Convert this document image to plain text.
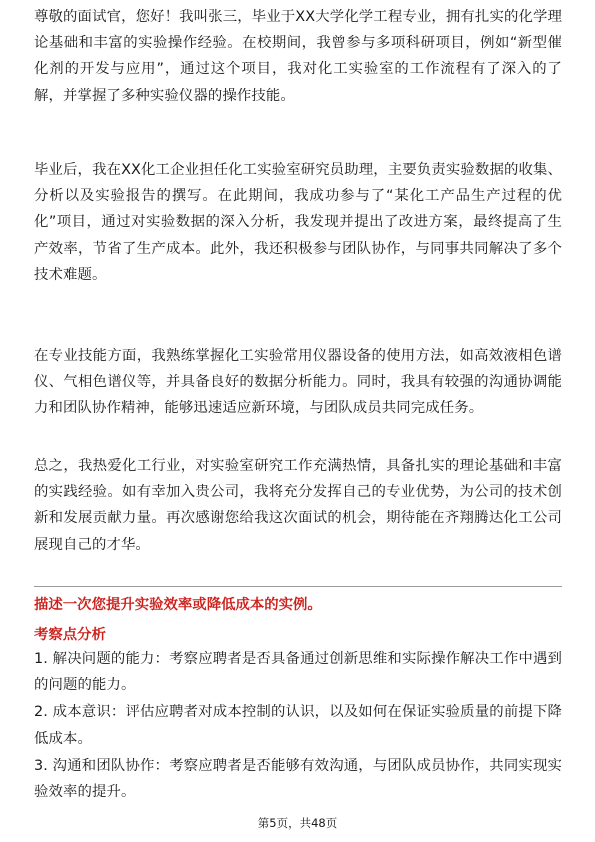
尊敬的面试官，您好！我叫张三，毕业于XX大学化学工程专业，拥有扎实的化学理论基础和丰富的实验操作经验。在校期间，我曾参与多项科研项目，例如“新型催化剂的开发与应用”，通过这个项目，我对化工实验室的工作流程有了深入的了解，并掌握了多种实验仪器的操作技能。

毕业后，我在XX化工企业担任化工实验室研究员助理，主要负责实验数据的收集、分析以及实验报告的撰写。在此期间，我成功参与了“某化工产品生产过程的优化”项目，通过对实验数据的深入分析，我发现并提出了改进方案，最终提高了生产效率，节省了生产成本。此外，我还积极参与团队协作，与同事共同解决了多个技术难题。

在专业技能方面，我熟练掌握化工实验常用仪器设备的使用方法，如高效液相色谱仪、气相色谱仪等，并具备良好的数据分析能力。同时，我具有较强的沟通协调能力和团队协作精神，能够迅速适应新环境，与团队成员共同完成任务。

总之，我热爱化工行业，对实验室研究工作充满热情，具备扎实的理论基础和丰富的实践经验。如有幸加入贵公司，我将充分发挥自己的专业优势，为公司的技术创新和发展贡献力量。再次感谢您给我这次面试的机会，期待能在齐翔腾达化工公司展现自己的才华。

描述一次您提升实验效率或降低成本的实例。

考察点分析

1. 解决问题的能力：考察应聘者是否具备通过创新思维和实际操作解决工作中遇到的问题的能力。
2. 成本意识：评估应聘者对成本控制的认识，以及如何在保证实验质量的前提下降低成本。
3. 沟通和团队协作：考察应聘者是否能够有效沟通，与团队成员协作，共同实现实验效率的提升。
第5页，共48页
